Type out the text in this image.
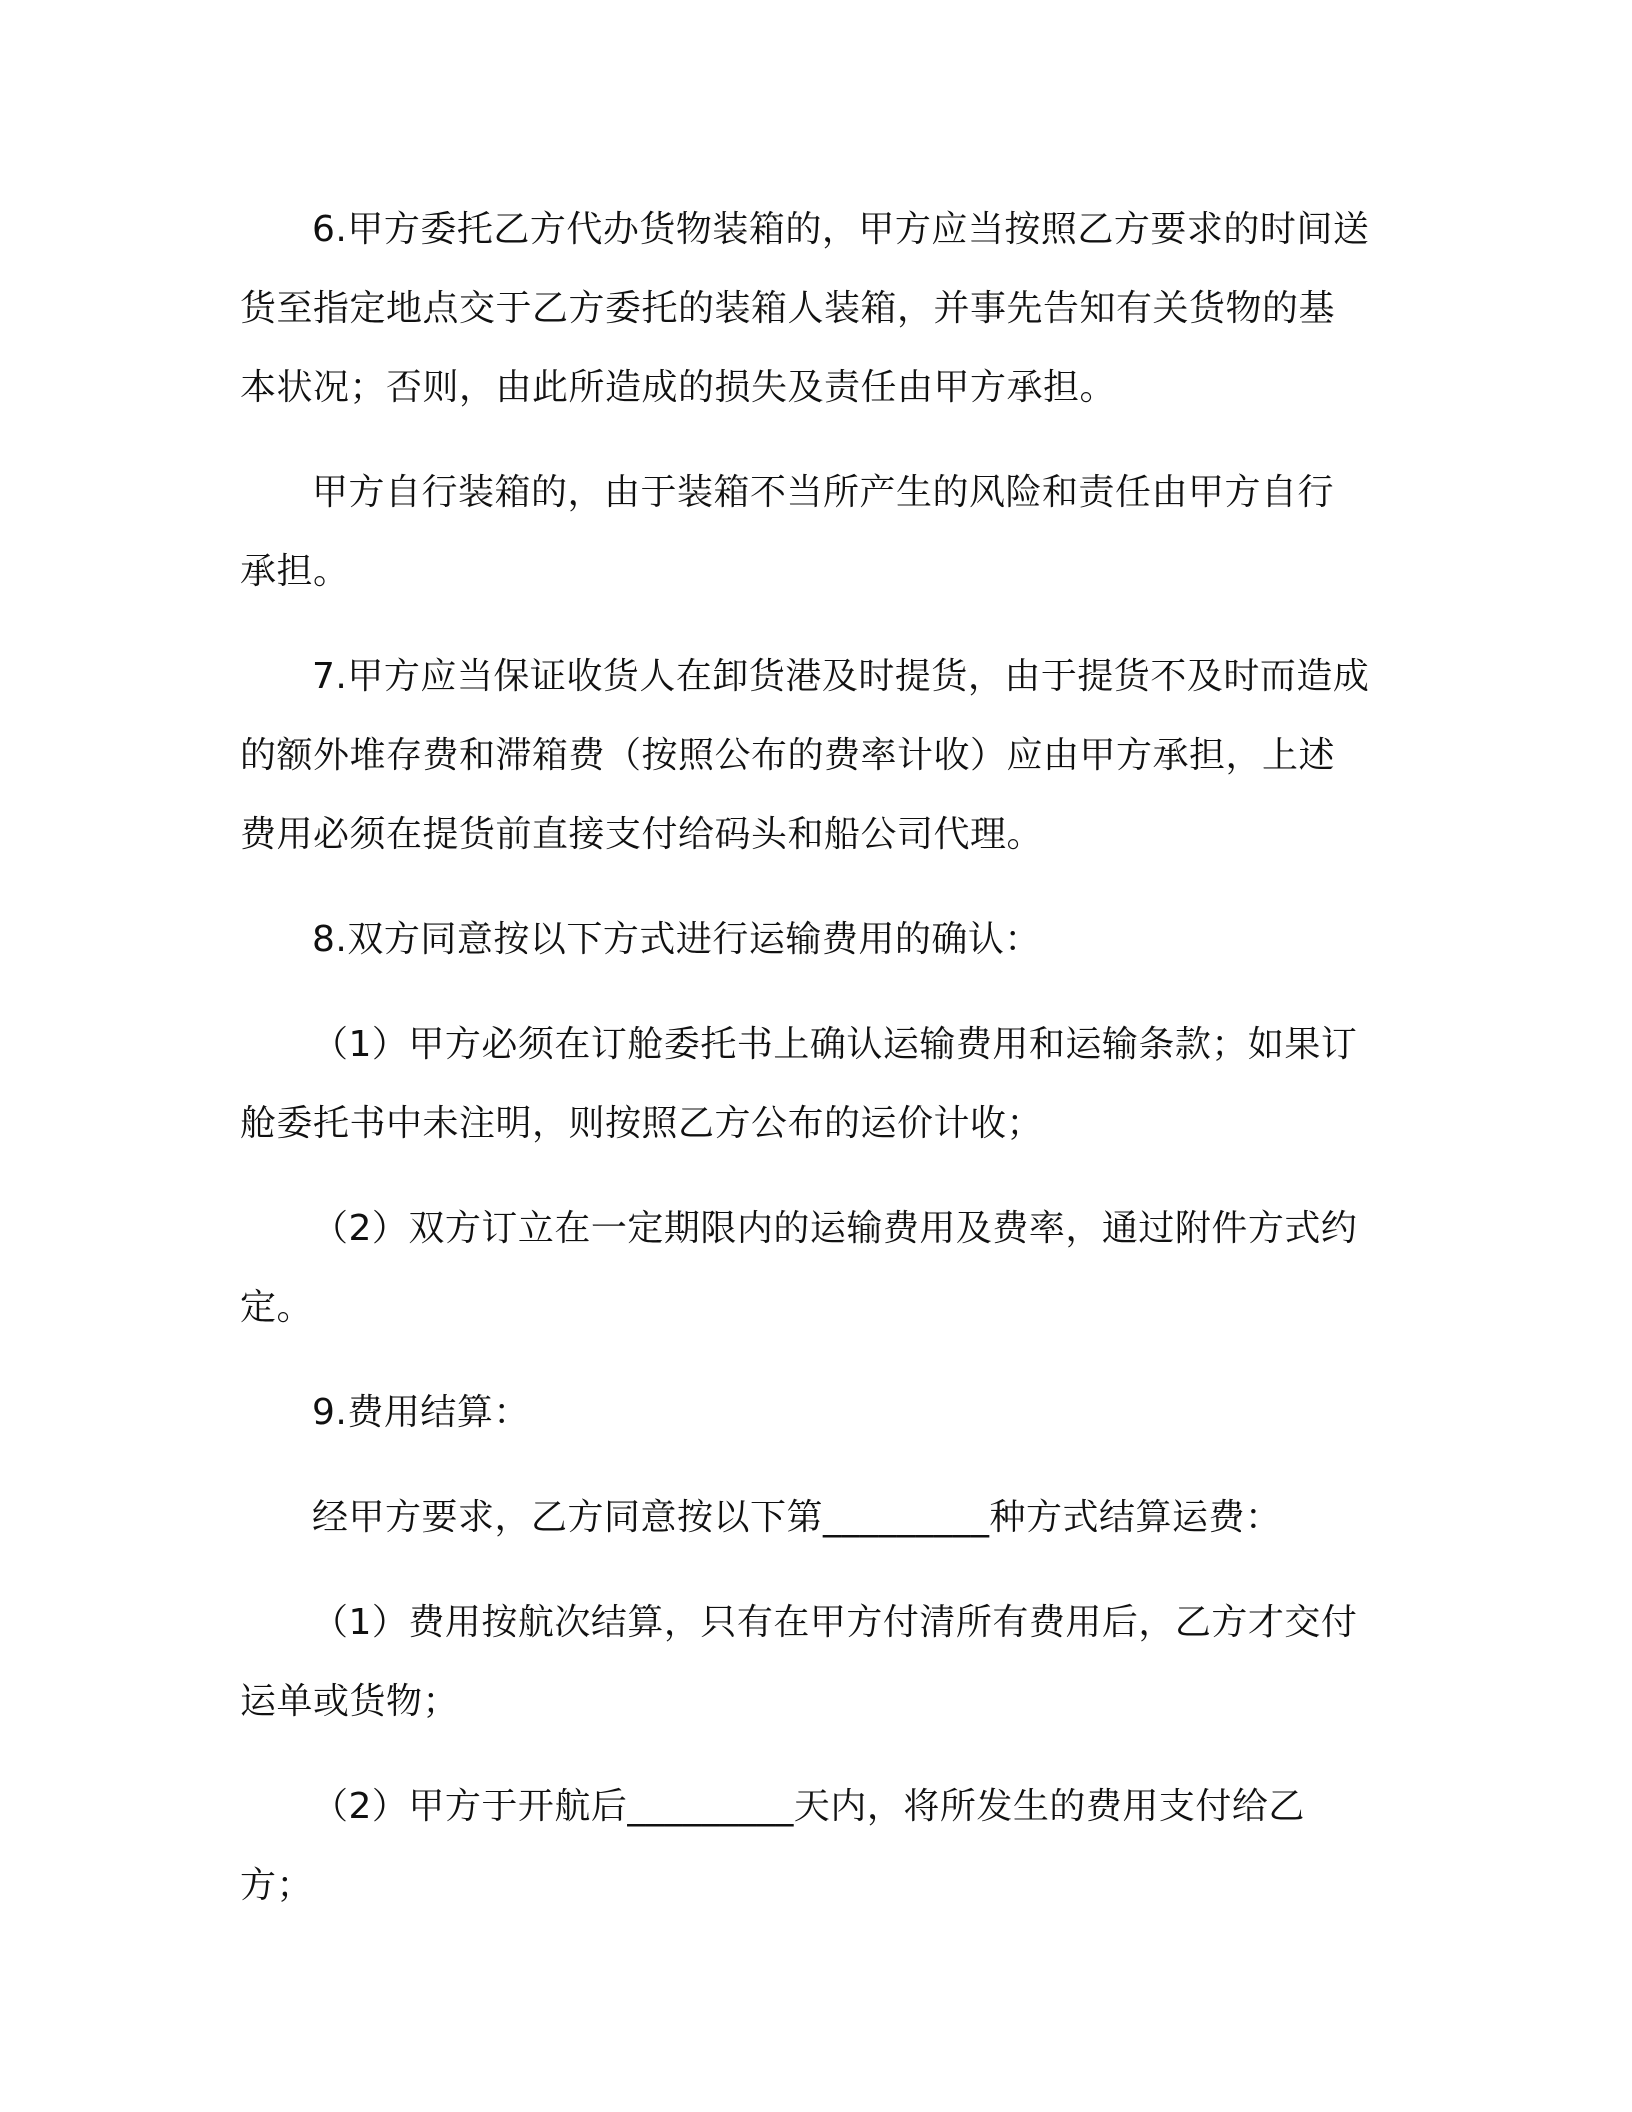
6.甲方委托乙方代办货物装箱的，甲方应当按照乙方要求的时间送货至指定地点交于乙方委托的装箱人装箱，并事先告知有关货物的基本状况；否则，由此所造成的损失及责任由甲方承担。

甲方自行装箱的，由于装箱不当所产生的风险和责任由甲方自行承担。

7.甲方应当保证收货人在卸货港及时提货，由于提货不及时而造成的额外堆存费和滞箱费（按照公布的费率计收）应由甲方承担，上述费用必须在提货前直接支付给码头和船公司代理。

8.双方同意按以下方式进行运输费用的确认：

（1）甲方必须在订舱委托书上确认运输费用和运输条款；如果订舱委托书中未注明，则按照乙方公布的运价计收；

（2）双方订立在一定期限内的运输费用及费率，通过附件方式约定。

9.费用结算：

经甲方要求，乙方同意按以下第_________种方式结算运费：

（1）费用按航次结算，只有在甲方付清所有费用后，乙方才交付运单或货物；

（2）甲方于开航后_________天内，将所发生的费用支付给乙方；
